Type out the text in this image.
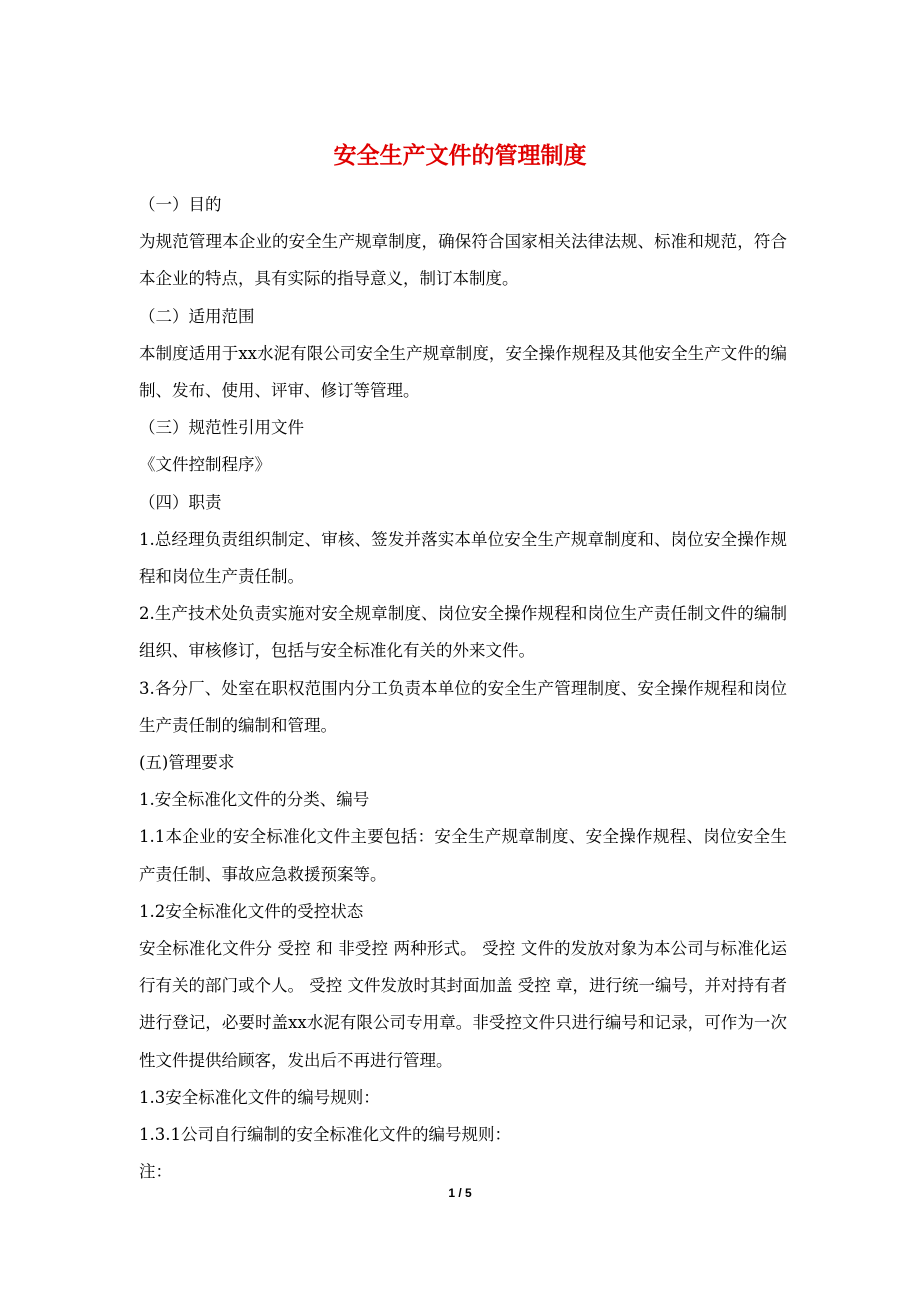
安全生产文件的管理制度

（一）目的

为规范管理本企业的安全生产规章制度，确保符合国家相关法律法规、标准和规范，符合本企业的特点，具有实际的指导意义，制订本制度。

（二）适用范围

本制度适用于xx水泥有限公司安全生产规章制度，安全操作规程及其他安全生产文件的编制、发布、使用、评审、修订等管理。

（三）规范性引用文件

《文件控制程序》

（四）职责

1.总经理负责组织制定、审核、签发并落实本单位安全生产规章制度和、岗位安全操作规程和岗位生产责任制。

2.生产技术处负责实施对安全规章制度、岗位安全操作规程和岗位生产责任制文件的编制组织、审核修订，包括与安全标准化有关的外来文件。

3.各分厂、处室在职权范围内分工负责本单位的安全生产管理制度、安全操作规程和岗位生产责任制的编制和管理。

(五)管理要求

1.安全标准化文件的分类、编号

1.1本企业的安全标准化文件主要包括：安全生产规章制度、安全操作规程、岗位安全生产责任制、事故应急救援预案等。

1.2安全标准化文件的受控状态

安全标准化文件分 受控 和 非受控 两种形式。 受控 文件的发放对象为本公司与标准化运行有关的部门或个人。 受控 文件发放时其封面加盖 受控 章，进行统一编号，并对持有者进行登记，必要时盖xx水泥有限公司专用章。非受控文件只进行编号和记录，可作为一次性文件提供给顾客，发出后不再进行管理。

1.3安全标准化文件的编号规则：

1.3.1公司自行编制的安全标准化文件的编号规则：

注：

1 / 5
